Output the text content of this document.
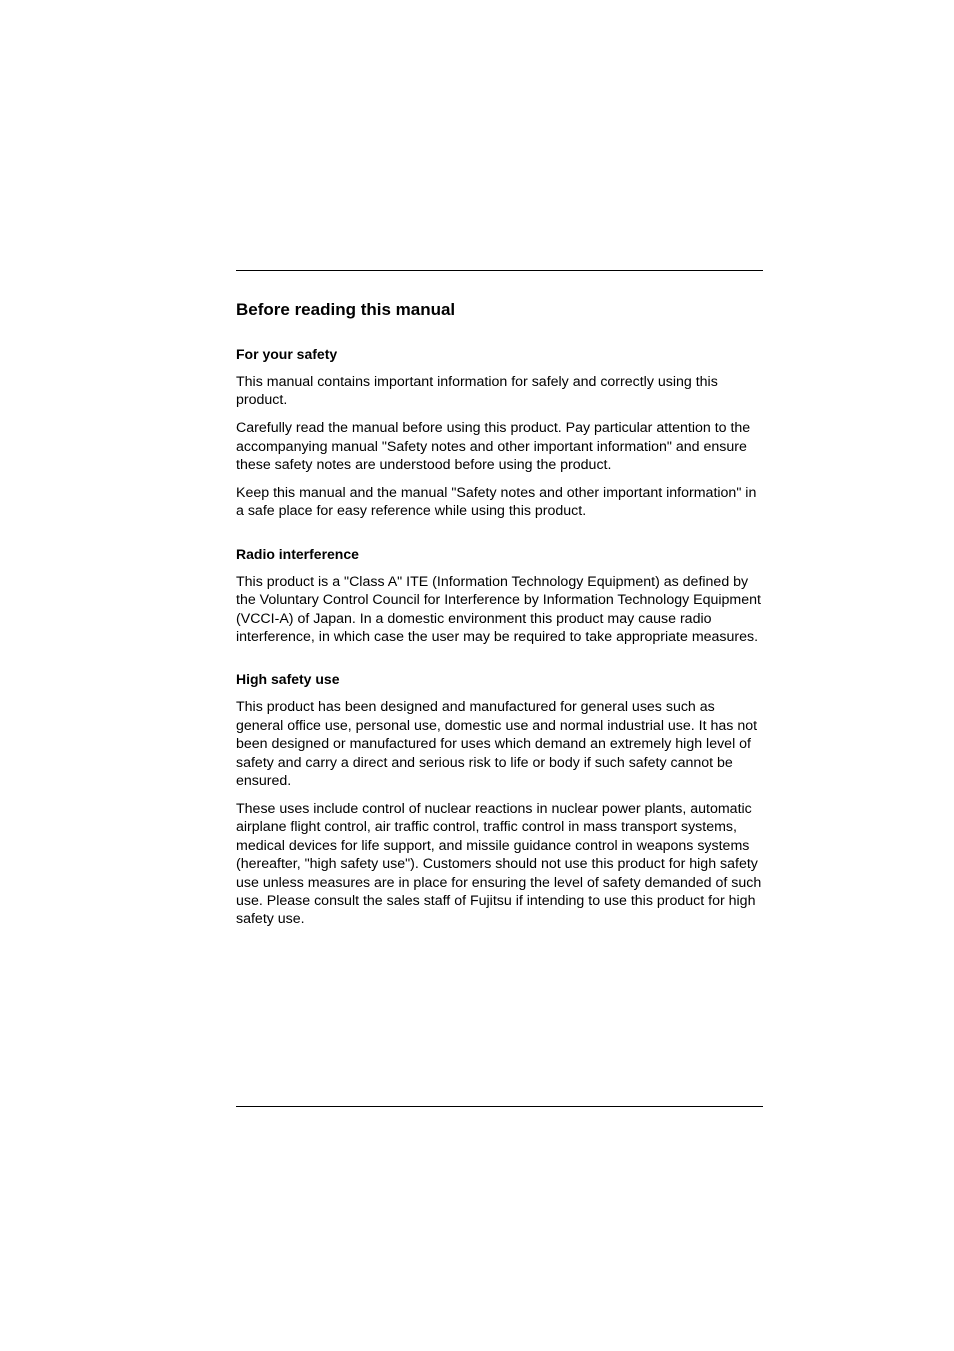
Before reading this manual
For your safety

This manual contains important information for safely and correctly using this product.

Carefully read the manual before using this product. Pay particular attention to the accompanying manual "Safety notes and other important information" and ensure these safety notes are understood before using the product.

Keep this manual and the manual "Safety notes and other important information" in a safe place for easy reference while using this product.

Radio interference

This product is a "Class A" ITE (Information Technology Equipment) as defined by the Voluntary Control Council for Interference by Information Technology Equipment (VCCI-A) of Japan. In a domestic environment this product may cause radio interference, in which case the user may be required to take appropriate measures.

High safety use

This product has been designed and manufactured for general uses such as general office use, personal use, domestic use and normal industrial use. It has not been designed or manufactured for uses which demand an extremely high level of safety and carry a direct and serious risk to life or body if such safety cannot be ensured.

These uses include control of nuclear reactions in nuclear power plants, automatic airplane flight control, air traffic control, traffic control in mass transport systems, medical devices for life support, and missile guidance control in weapons systems (hereafter, "high safety use"). Customers should not use this product for high safety use unless measures are in place for ensuring the level of safety demanded of such use. Please consult the sales staff of Fujitsu if intending to use this product for high safety use.
